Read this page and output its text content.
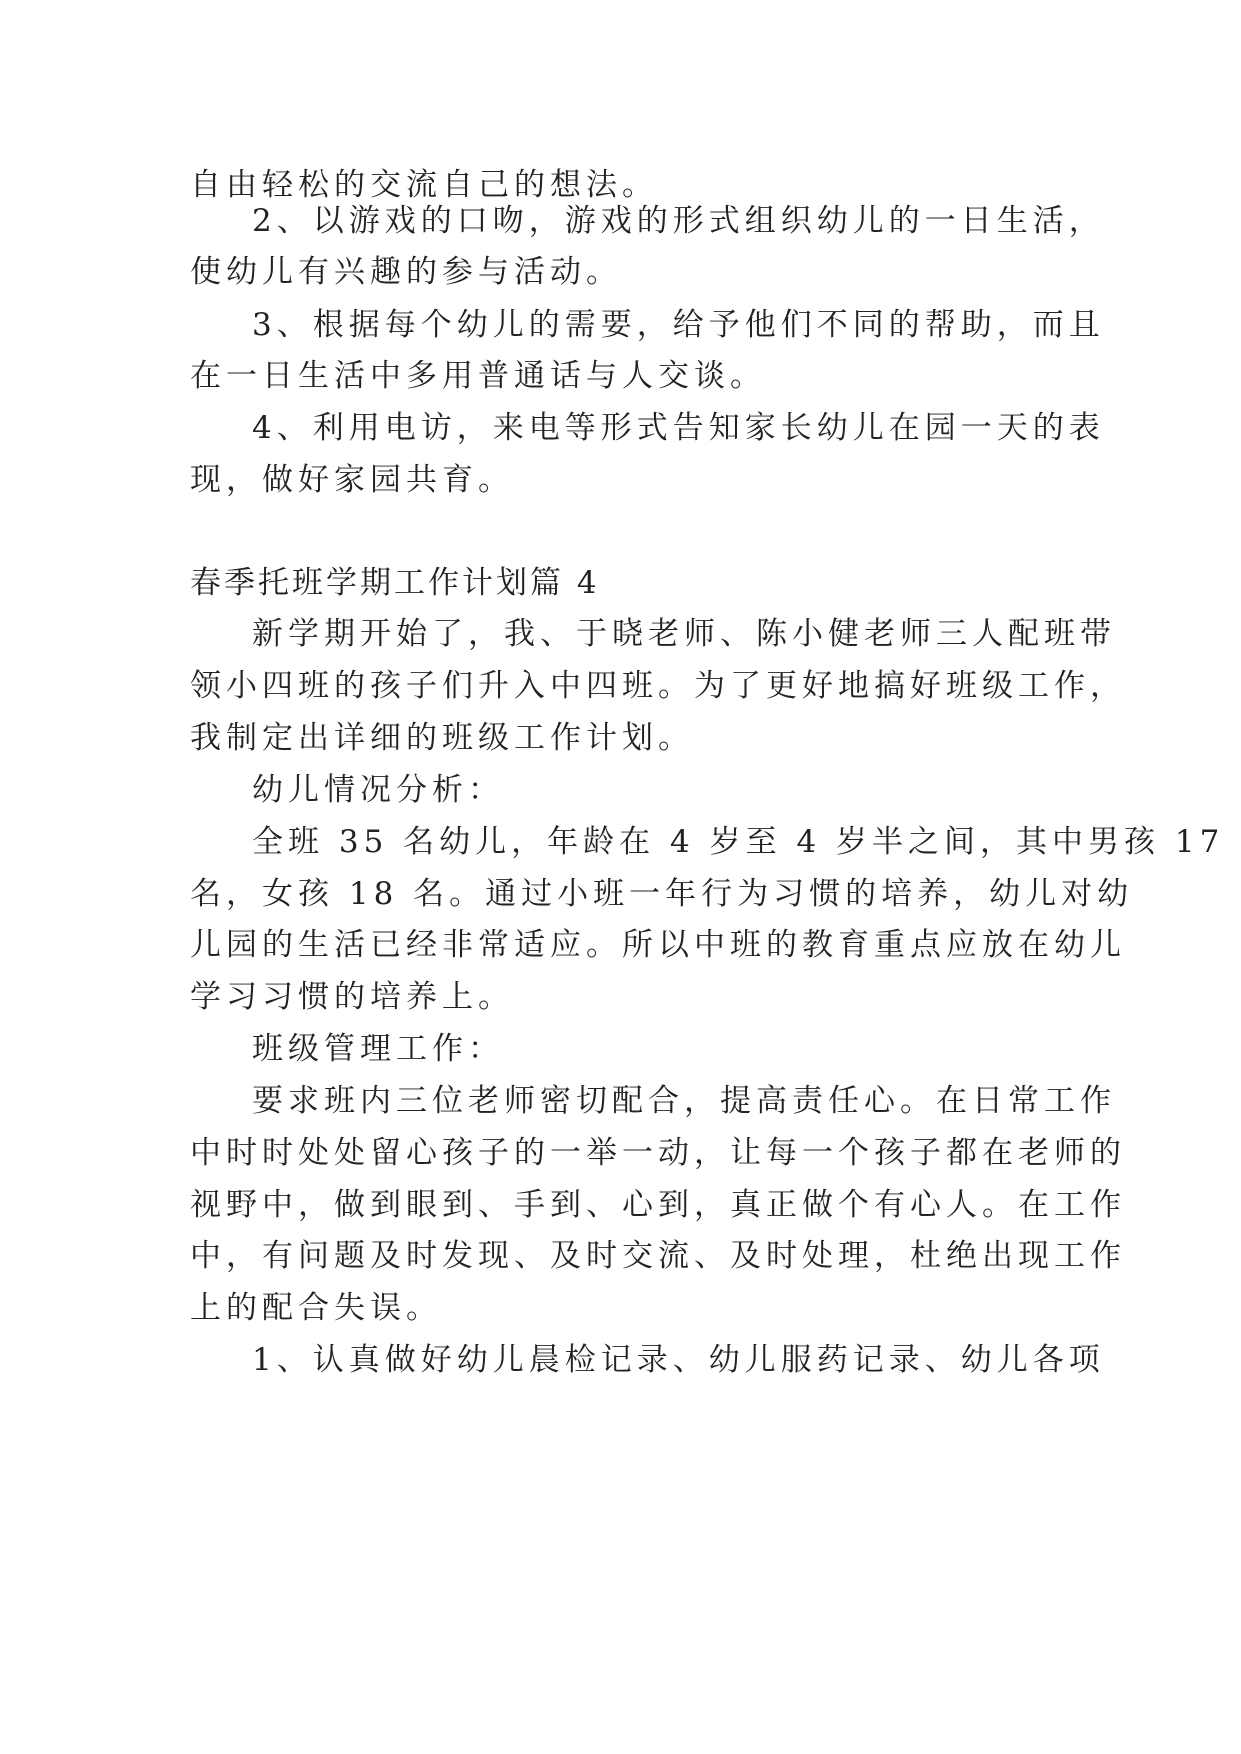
自由轻松的交流自己的想法。
2、以游戏的口吻，游戏的形式组织幼儿的一日生活，
使幼儿有兴趣的参与活动。
3、根据每个幼儿的需要，给予他们不同的帮助，而且
在一日生活中多用普通话与人交谈。
4、利用电访，来电等形式告知家长幼儿在园一天的表
现，做好家园共育。
春季托班学期工作计划篇 4
新学期开始了，我、于晓老师、陈小健老师三人配班带
领小四班的孩子们升入中四班。为了更好地搞好班级工作，
我制定出详细的班级工作计划。
幼儿情况分析：
全班 35 名幼儿，年龄在 4 岁至 4 岁半之间，其中男孩 17
名，女孩 18 名。通过小班一年行为习惯的培养，幼儿对幼
儿园的生活已经非常适应。所以中班的教育重点应放在幼儿
学习习惯的培养上。
班级管理工作：
要求班内三位老师密切配合，提高责任心。在日常工作
中时时处处留心孩子的一举一动，让每一个孩子都在老师的
视野中，做到眼到、手到、心到，真正做个有心人。在工作
中，有问题及时发现、及时交流、及时处理，杜绝出现工作
上的配合失误。
1、认真做好幼儿晨检记录、幼儿服药记录、幼儿各项
